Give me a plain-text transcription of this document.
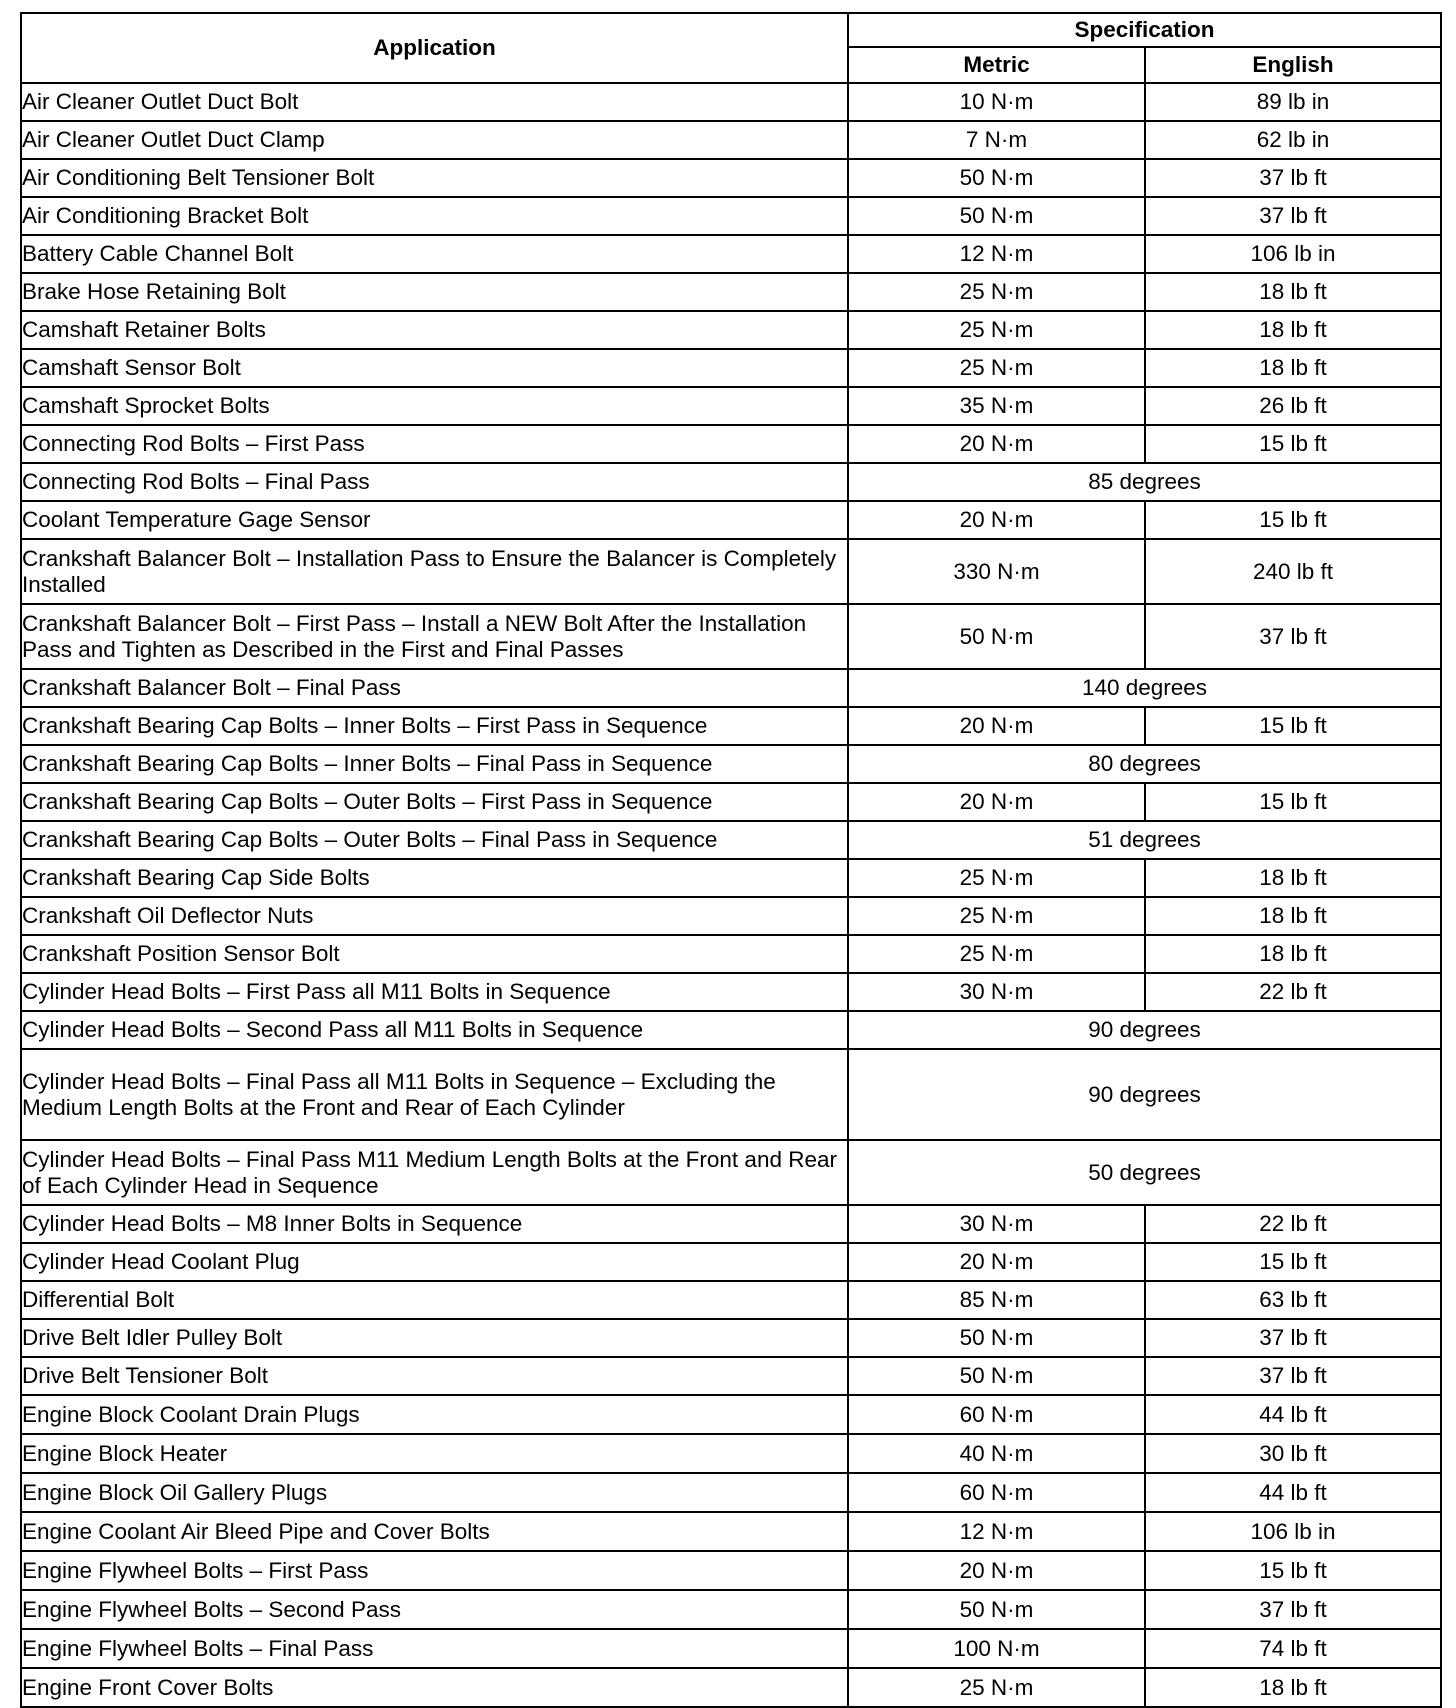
Application	Specification	
	Metric	English
Air Cleaner Outlet Duct Bolt	10 N·m	89 lb in
Air Cleaner Outlet Duct Clamp	7 N·m	62 lb in
Air Conditioning Belt Tensioner Bolt	50 N·m	37 lb ft
Air Conditioning Bracket Bolt	50 N·m	37 lb ft
Battery Cable Channel Bolt	12 N·m	106 lb in
Brake Hose Retaining Bolt	25 N·m	18 lb ft
Camshaft Retainer Bolts	25 N·m	18 lb ft
Camshaft Sensor Bolt	25 N·m	18 lb ft
Camshaft Sprocket Bolts	35 N·m	26 lb ft
Connecting Rod Bolts – First Pass	20 N·m	15 lb ft
Connecting Rod Bolts – Final Pass	85 degrees	
Coolant Temperature Gage Sensor	20 N·m	15 lb ft
Crankshaft Balancer Bolt – Installation Pass to Ensure the Balancer is Completely Installed	330 N·m	240 lb ft
Crankshaft Balancer Bolt – First Pass – Install a NEW Bolt After the Installation Pass and Tighten as Described in the First and Final Passes	50 N·m	37 lb ft
Crankshaft Balancer Bolt – Final Pass	140 degrees	
Crankshaft Bearing Cap Bolts – Inner Bolts – First Pass in Sequence	20 N·m	15 lb ft
Crankshaft Bearing Cap Bolts – Inner Bolts – Final Pass in Sequence	80 degrees	
Crankshaft Bearing Cap Bolts – Outer Bolts – First Pass in Sequence	20 N·m	15 lb ft
Crankshaft Bearing Cap Bolts – Outer Bolts – Final Pass in Sequence	51 degrees	
Crankshaft Bearing Cap Side Bolts	25 N·m	18 lb ft
Crankshaft Oil Deflector Nuts	25 N·m	18 lb ft
Crankshaft Position Sensor Bolt	25 N·m	18 lb ft
Cylinder Head Bolts – First Pass all M11 Bolts in Sequence	30 N·m	22 lb ft
Cylinder Head Bolts – Second Pass all M11 Bolts in Sequence	90 degrees	
Cylinder Head Bolts – Final Pass all M11 Bolts in Sequence – Excluding the Medium Length Bolts at the Front and Rear of Each Cylinder	90 degrees	
Cylinder Head Bolts – Final Pass M11 Medium Length Bolts at the Front and Rear of Each Cylinder Head in Sequence	50 degrees	
Cylinder Head Bolts – M8 Inner Bolts in Sequence	30 N·m	22 lb ft
Cylinder Head Coolant Plug	20 N·m	15 lb ft
Differential Bolt	85 N·m	63 lb ft
Drive Belt Idler Pulley Bolt	50 N·m	37 lb ft
Drive Belt Tensioner Bolt	50 N·m	37 lb ft
Engine Block Coolant Drain Plugs	60 N·m	44 lb ft
Engine Block Heater	40 N·m	30 lb ft
Engine Block Oil Gallery Plugs	60 N·m	44 lb ft
Engine Coolant Air Bleed Pipe and Cover Bolts	12 N·m	106 lb in
Engine Flywheel Bolts – First Pass	20 N·m	15 lb ft
Engine Flywheel Bolts – Second Pass	50 N·m	37 lb ft
Engine Flywheel Bolts – Final Pass	100 N·m	74 lb ft
Engine Front Cover Bolts	25 N·m	18 lb ft
